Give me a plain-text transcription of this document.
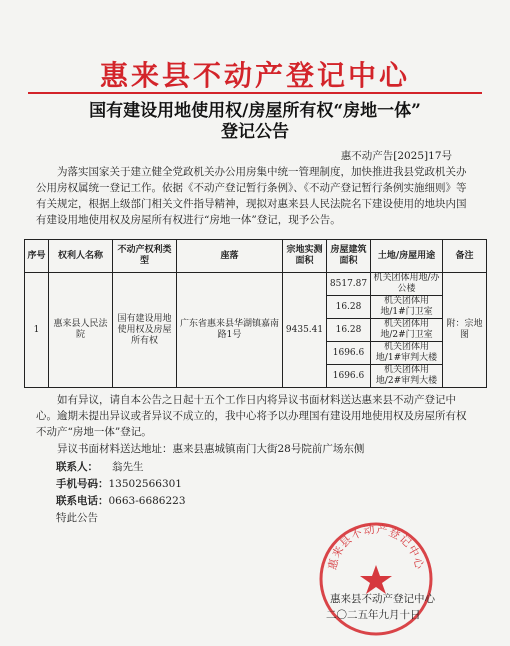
惠来县不动产登记中心
国有建设用地使用权/房屋所有权“房地一体”
登记公告
惠不动产告[2025]17号
为落实国家关于建立健全党政机关办公用房集中统一管理制度，加快推进我县党政机关办公用房权属统一登记工作。依据《不动产登记暂行条例》、《不动产登记暂行条例实施细则》等有关规定，根据上级部门相关文件指导精神，现拟对惠来县人民法院名下建设使用的地块内国有建设用地使用权及房屋所有权进行“房地一体”登记，现予公告。
序号	权利人名称	不动产权利类型	座落	宗地实测面积	房屋建筑面积	土地/房屋用途	备注
1	惠来县人民法院	国有建设用地使用权及房屋所有权	广东省惠来县华湖镇嘉南路1号	9435.41	8517.87	机关团体用地/办公楼	附：宗地图
					16.28	机关团体用地/1#门卫室	
					16.28	机关团体用地/2#门卫室	
					1696.6	机关团体用地/1#审判大楼	
					1696.6	机关团体用地/2#审判大楼	
如有异议，请自本公告之日起十五个工作日内将异议书面材料送达惠来县不动产登记中心。逾期未提出异议或者异议不成立的，我中心将予以办理国有建设用地使用权及房屋所有权不动产“房地一体”登记。
异议书面材料送达地址：惠来县惠城镇南门大街28号院前广场东侧
联系人： 翁先生
手机号码：13502566301
联系电话：0663-6686223
特此公告
惠来县不动产登记中心
惠来县不动产登记中心
二〇二五年九月十日
